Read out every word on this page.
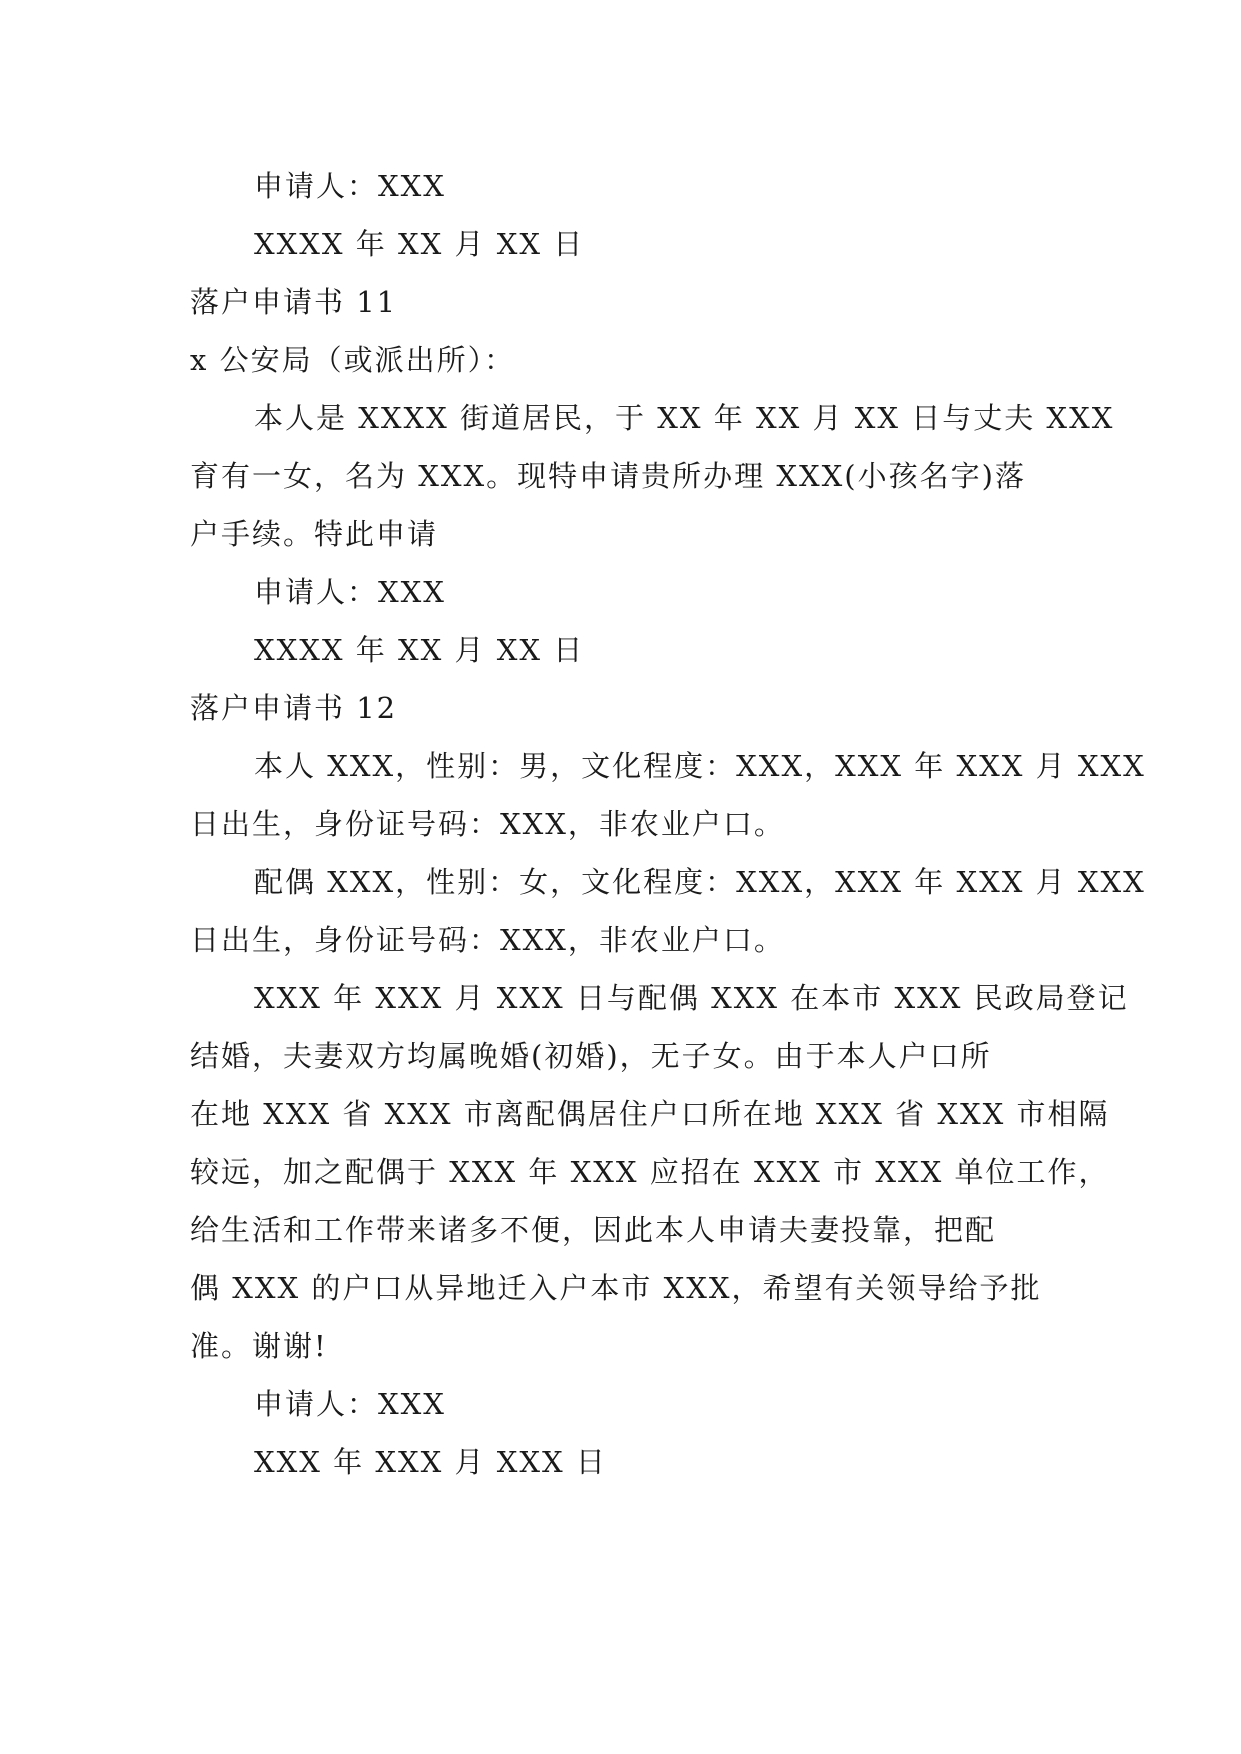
申请人：XXX
XXXX 年 XX 月 XX 日
落户申请书 11
x 公安局（或派出所）：
本人是 XXXX 街道居民，于 XX 年 XX 月 XX 日与丈夫 XXX
育有一女，名为 XXX。现特申请贵所办理 XXX(小孩名字)落
户手续。特此申请
申请人：XXX
XXXX 年 XX 月 XX 日
落户申请书 12
本人 XXX，性别：男，文化程度：XXX，XXX 年 XXX 月 XXX
日出生，身份证号码：XXX，非农业户口。
配偶 XXX，性别：女，文化程度：XXX，XXX 年 XXX 月 XXX
日出生，身份证号码：XXX，非农业户口。
XXX 年 XXX 月 XXX 日与配偶 XXX 在本市 XXX 民政局登记
结婚，夫妻双方均属晚婚(初婚)，无子女。由于本人户口所
在地 XXX 省 XXX 市离配偶居住户口所在地 XXX 省 XXX 市相隔
较远，加之配偶于 XXX 年 XXX 应招在 XXX 市 XXX 单位工作，
给生活和工作带来诸多不便，因此本人申请夫妻投靠，把配
偶 XXX 的户口从异地迁入户本市 XXX，希望有关领导给予批
准。谢谢!
申请人：XXX
XXX 年 XXX 月 XXX 日
